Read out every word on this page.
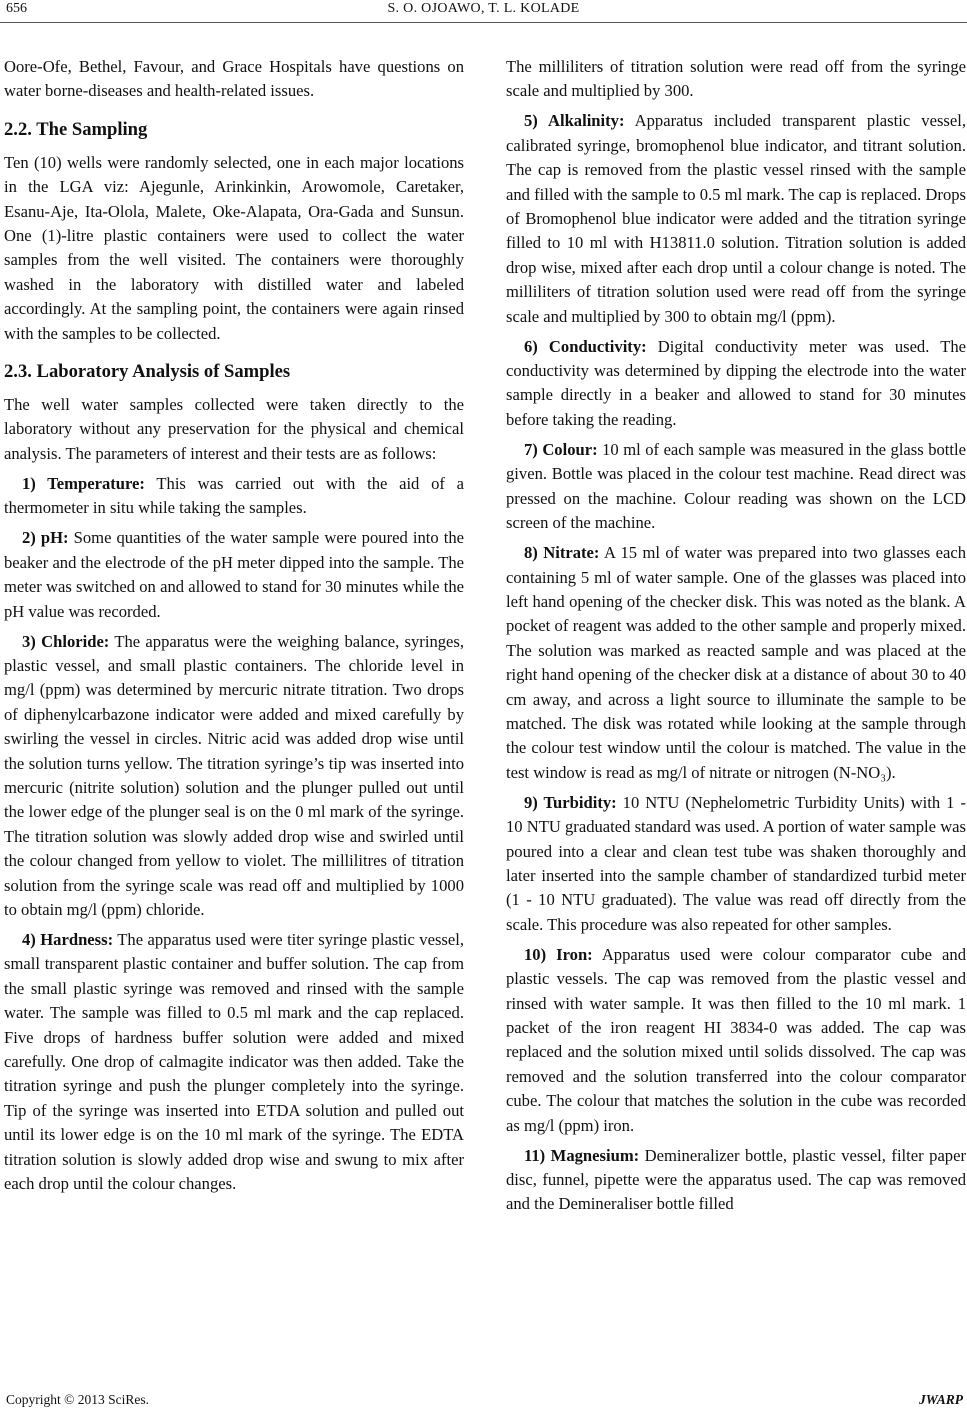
656	S. O. OJOAWO, T. L. KOLADE

Oore-Ofe, Bethel, Favour, and Grace Hospitals have questions on water borne-diseases and health-related issues.

2.2. The Sampling

Ten (10) wells were randomly selected, one in each major locations in the LGA viz: Ajegunle, Arinkinkin, Arowomole, Caretaker, Esanu-Aje, Ita-Olola, Malete, Oke-Alapata, Ora-Gada and Sunsun. One (1)-litre plastic containers were used to collect the water samples from the well visited. The containers were thoroughly washed in the laboratory with distilled water and labeled accordingly. At the sampling point, the containers were again rinsed with the samples to be collected.

2.3. Laboratory Analysis of Samples

The well water samples collected were taken directly to the laboratory without any preservation for the physical and chemical analysis. The parameters of interest and their tests are as follows:

1) Temperature: This was carried out with the aid of a thermometer in situ while taking the samples.

2) pH: Some quantities of the water sample were poured into the beaker and the electrode of the pH meter dipped into the sample. The meter was switched on and allowed to stand for 30 minutes while the pH value was recorded.

3) Chloride: The apparatus were the weighing balance, syringes, plastic vessel, and small plastic containers. The chloride level in mg/l (ppm) was determined by mercuric nitrate titration. Two drops of diphenylcarbazone indicator were added and mixed carefully by swirling the vessel in circles. Nitric acid was added drop wise until the solution turns yellow. The titration syringe’s tip was inserted into mercuric (nitrite solution) solution and the plunger pulled out until the lower edge of the plunger seal is on the 0 ml mark of the syringe. The titration solution was slowly added drop wise and swirled until the colour changed from yellow to violet. The millilitres of titration solution from the syringe scale was read off and multiplied by 1000 to obtain mg/l (ppm) chloride.

4) Hardness: The apparatus used were titer syringe plastic vessel, small transparent plastic container and buffer solution. The cap from the small plastic syringe was removed and rinsed with the sample water. The sample was filled to 0.5 ml mark and the cap replaced. Five drops of hardness buffer solution were added and mixed carefully. One drop of calmagite indicator was then added. Take the titration syringe and push the plunger completely into the syringe. Tip of the syringe was inserted into ETDA solution and pulled out until its lower edge is on the 10 ml mark of the syringe. The EDTA titration solution is slowly added drop wise and swung to mix after each drop until the colour changes.

The milliliters of titration solution were read off from the syringe scale and multiplied by 300.

5) Alkalinity: Apparatus included transparent plastic vessel, calibrated syringe, bromophenol blue indicator, and titrant solution. The cap is removed from the plastic vessel rinsed with the sample and filled with the sample to 0.5 ml mark. The cap is replaced. Drops of Bromophenol blue indicator were added and the titration syringe filled to 10 ml with H13811.0 solution. Titration solution is added drop wise, mixed after each drop until a colour change is noted. The milliliters of titration solution used were read off from the syringe scale and multiplied by 300 to obtain mg/l (ppm).

6) Conductivity: Digital conductivity meter was used. The conductivity was determined by dipping the electrode into the water sample directly in a beaker and allowed to stand for 30 minutes before taking the reading.

7) Colour: 10 ml of each sample was measured in the glass bottle given. Bottle was placed in the colour test machine. Read direct was pressed on the machine. Colour reading was shown on the LCD screen of the machine.

8) Nitrate: A 15 ml of water was prepared into two glasses each containing 5 ml of water sample. One of the glasses was placed into left hand opening of the checker disk. This was noted as the blank. A pocket of reagent was added to the other sample and properly mixed. The solution was marked as reacted sample and was placed at the right hand opening of the checker disk at a distance of about 30 to 40 cm away, and across a light source to illuminate the sample to be matched. The disk was rotated while looking at the sample through the colour test window until the colour is matched. The value in the test window is read as mg/l of nitrate or nitrogen (N-NO₃).

9) Turbidity: 10 NTU (Nephelometric Turbidity Units) with 1 - 10 NTU graduated standard was used. A portion of water sample was poured into a clear and clean test tube was shaken thoroughly and later inserted into the sample chamber of standardized turbid meter (1 - 10 NTU graduated). The value was read off directly from the scale. This procedure was also repeated for other samples.

10) Iron: Apparatus used were colour comparator cube and plastic vessels. The cap was removed from the plastic vessel and rinsed with water sample. It was then filled to the 10 ml mark. 1 packet of the iron reagent HI 3834-0 was added. The cap was replaced and the solution mixed until solids dissolved. The cap was removed and the solution transferred into the colour comparator cube. The colour that matches the solution in the cube was recorded as mg/l (ppm) iron.

11) Magnesium: Demineralizer bottle, plastic vessel, filter paper disc, funnel, pipette were the apparatus used. The cap was removed and the Demineraliser bottle filled

Copyright © 2013 SciRes.	JWARP
